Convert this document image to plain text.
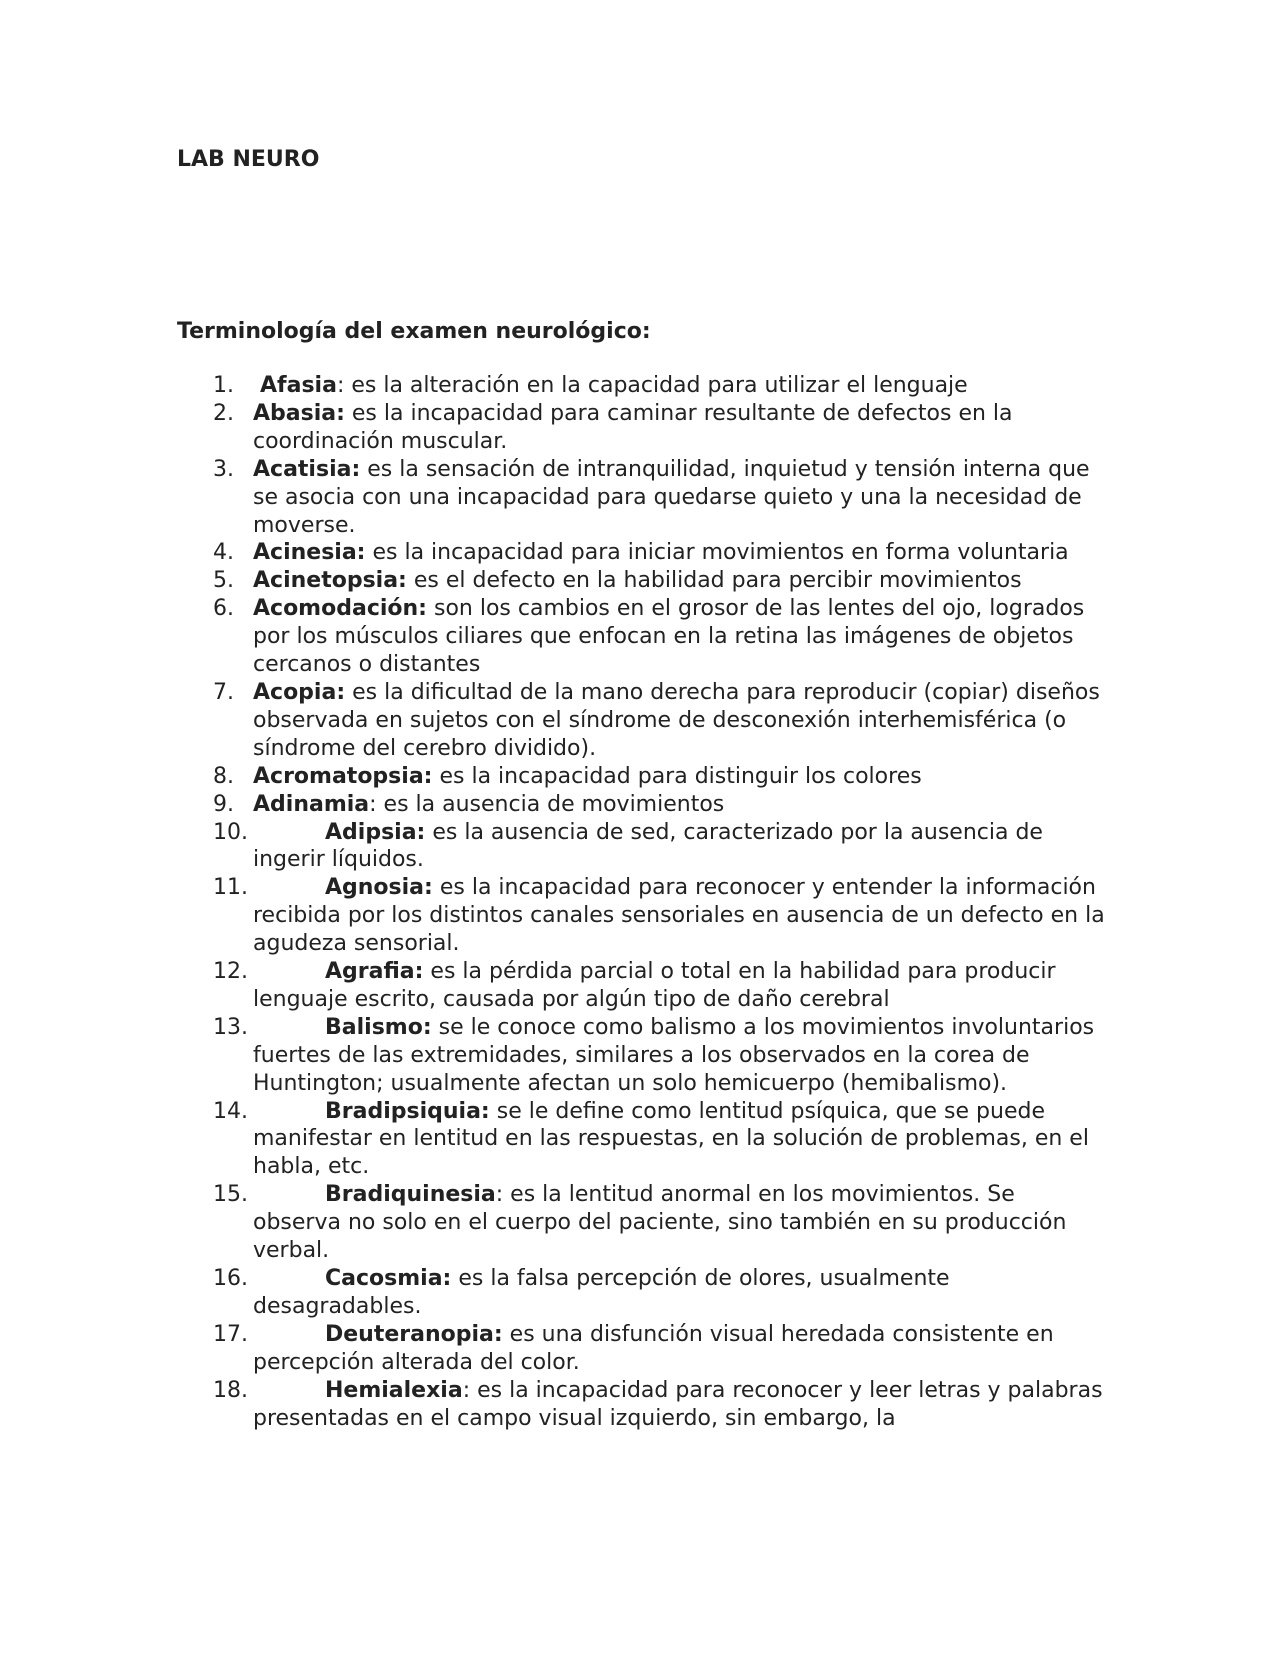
LAB NEURO
Terminología del examen neurológico:
1.	Afasia: es la alteración en la capacidad para utilizar el lenguaje
2. Abasia: es la incapacidad para caminar resultante de defectos en la coordinación muscular.
3. Acatisia: es la sensación de intranquilidad, inquietud y tensión interna que se asocia con una incapacidad para quedarse quieto y una la necesidad de moverse.
4. Acinesia: es la incapacidad para iniciar movimientos en forma voluntaria
5. Acinetopsia: es el defecto en la habilidad para percibir movimientos
6. Acomodación: son los cambios en el grosor de las lentes del ojo, logrados por los músculos ciliares que enfocan en la retina las imágenes de objetos cercanos o distantes
7. Acopia: es la dificultad de la mano derecha para reproducir (copiar) diseños observada en sujetos con el síndrome de desconexión interhemisférica (o síndrome del cerebro dividido).
8. Acromatopsia: es la incapacidad para distinguir los colores
9. Adinamia: es la ausencia de movimientos
10.	Adipsia: es la ausencia de sed, caracterizado por la ausencia de ingerir líquidos.
11.	Agnosia: es la incapacidad para reconocer y entender la información recibida por los distintos canales sensoriales en ausencia de un defecto en la agudeza sensorial.
12.	Agrafia: es la pérdida parcial o total en la habilidad para producir lenguaje escrito, causada por algún tipo de daño cerebral
13.	Balismo: se le conoce como balismo a los movimientos involuntarios fuertes de las extremidades, similares a los observados en la corea de Huntington; usualmente afectan un solo hemicuerpo (hemibalismo).
14.	Bradipsiquia: se le define como lentitud psíquica, que se puede manifestar en lentitud en las respuestas, en la solución de problemas, en el habla, etc.
15.	Bradiquinesia: es la lentitud anormal en los movimientos. Se observa no solo en el cuerpo del paciente, sino también en su producción verbal.
16.	Cacosmia: es la falsa percepción de olores, usualmente desagradables.
17.	Deuteranopia: es una disfunción visual heredada consistente en percepción alterada del color.
18.	Hemialexia: es la incapacidad para reconocer y leer letras y palabras presentadas en el campo visual izquierdo, sin embargo, la
